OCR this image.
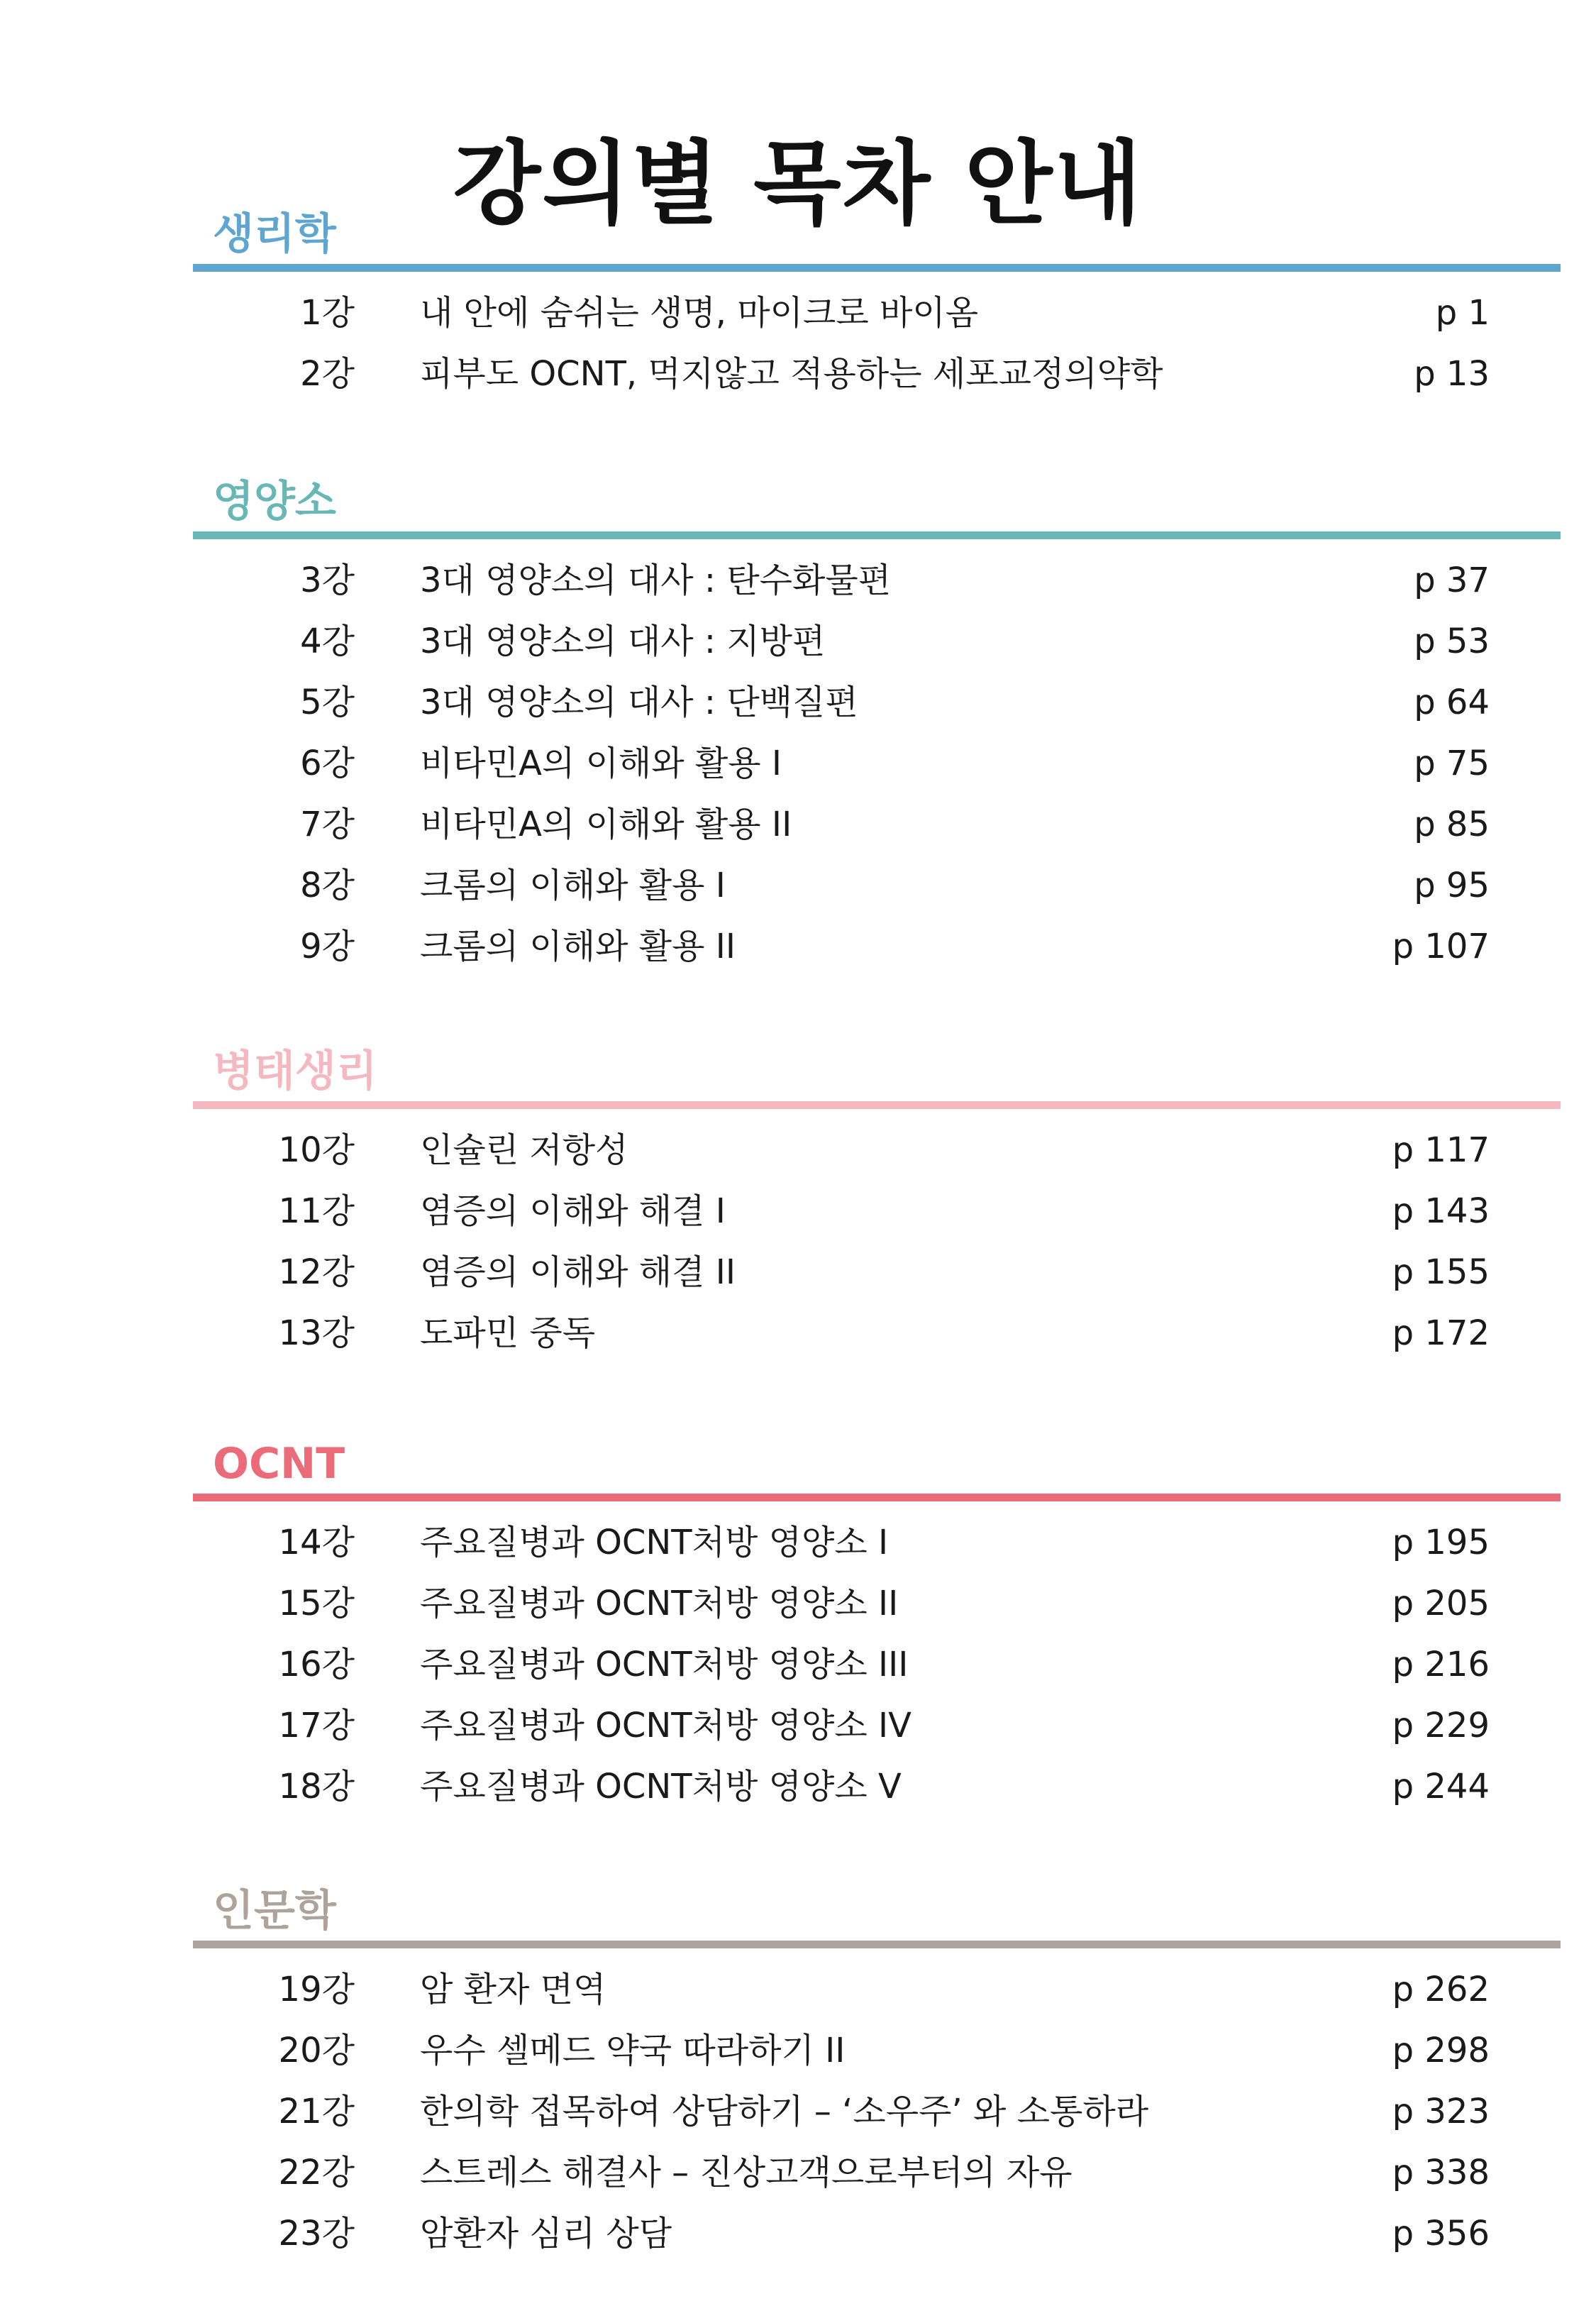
강의별 목차 안내
생리학
1강 내 안에 숨쉬는 생명, 마이크로 바이옴	p 1
2강 피부도 OCNT, 먹지않고 적용하는 세포교정의약학	p 13
영양소
3강 3대 영양소의 대사 : 탄수화물편	p 37
4강 3대 영양소의 대사 : 지방편	p 53
5강 3대 영양소의 대사 : 단백질편	p 64
6강 비타민A의 이해와 활용 I	p 75
7강 비타민A의 이해와 활용 II	p 85
8강 크롬의 이해와 활용 I	p 95
9강 크롬의 이해와 활용 II	p 107
병태생리
10강 인슐린 저항성	p 117
11강 염증의 이해와 해결 I	p 143
12강 염증의 이해와 해결 II	p 155
13강 도파민 중독	p 172
OCNT
14강 주요질병과 OCNT처방 영양소 I	p 195
15강 주요질병과 OCNT처방 영양소 II	p 205
16강 주요질병과 OCNT처방 영양소 III	p 216
17강 주요질병과 OCNT처방 영양소 IV	p 229
18강 주요질병과 OCNT처방 영양소 V	p 244
인문학
19강 암 환자 면역	p 262
20강 우수 셀메드 약국 따라하기 II	p 298
21강 한의학 접목하여 상담하기 – ‘소우주’ 와 소통하라	p 323
22강 스트레스 해결사 – 진상고객으로부터의 자유	p 338
23강 암환자 심리 상담	p 356
